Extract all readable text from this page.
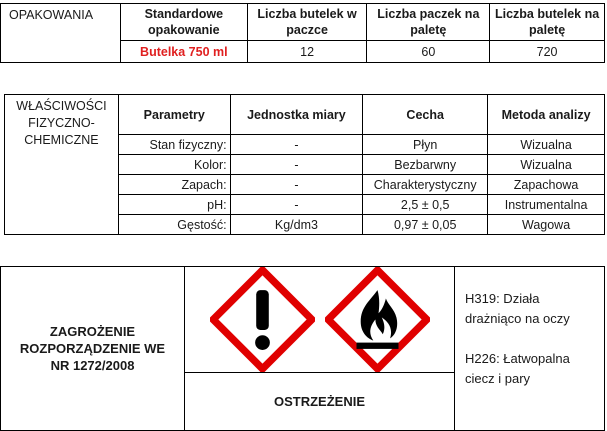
OPAKOWANIA	Standardowe opakowanie	Liczba butelek w paczce	Liczba paczek na paletę	Liczba butelek na paletę
	Butelka 750 ml	12	60	720
WŁAŚCIWOŚCI FIZYCZNO-CHEMICZNE	Parametry	Jednostka miary	Cecha	Metoda analizy
	Stan fizyczny:	-	Płyn	Wizualna
	Kolor:	-	Bezbarwny	Wizualna
	Zapach:	-	Charakterystyczny	Zapachowa
	pH:	-	2,5 ± 0,5	Instrumentalna
	Gęstość:	Kg/dm3	0,97 ± 0,05	Wagowa
ZAGROŻENIE
ROZPORZĄDZENIE WE
NR 1272/2008

H319: Działa drażniąco na oczy

H226: Łatwopalna ciecz i pary

OSTRZEŻENIE
